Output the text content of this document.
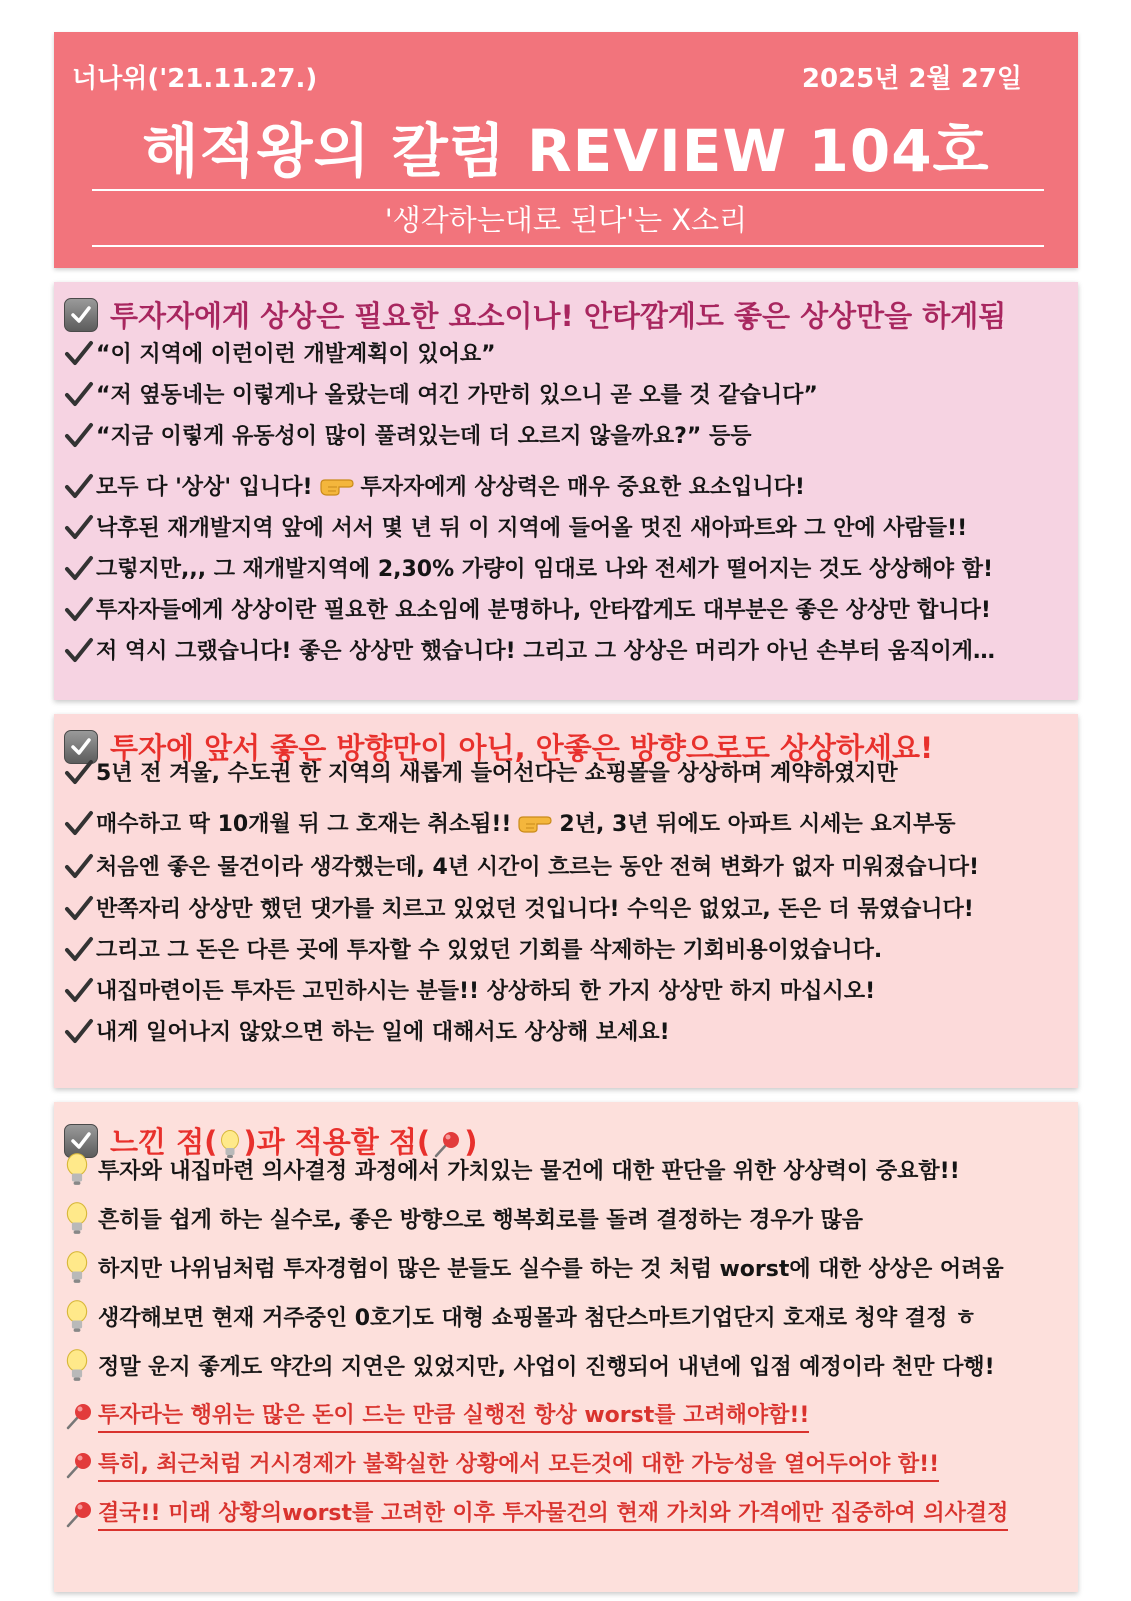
너나위('21.11.27.)	2025년 2월 27일
해적왕의 칼럼 REVIEW 104호
'생각하는대로 된다'는 X소리
투자자에게 상상은 필요한 요소이나! 안타깝게도 좋은 상상만을 하게됨
“이 지역에 이런이런 개발계획이 있어요”
“저 옆동네는 이렇게나 올랐는데 여긴 가만히 있으니 곧 오를 것 같습니다”
“지금 이렇게 유동성이 많이 풀려있는데 더 오르지 않을까요?” 등등
모두 다 '상상' 입니다! 투자자에게 상상력은 매우 중요한 요소입니다!
낙후된 재개발지역 앞에 서서 몇 년 뒤 이 지역에 들어올 멋진 새아파트와 그 안에 사람들!!
그렇지만,,, 그 재개발지역에 2,30% 가량이 임대로 나와 전세가 떨어지는 것도 상상해야 함!
투자자들에게 상상이란 필요한 요소임에 분명하나, 안타깝게도 대부분은 좋은 상상만 합니다!
저 역시 그랬습니다! 좋은 상상만 했습니다! 그리고 그 상상은 머리가 아닌 손부터 움직이게…
투자에 앞서 좋은 방향만이 아닌, 안좋은 방향으로도 상상하세요!
5년 전 겨울, 수도권 한 지역의 새롭게 들어선다는 쇼핑몰을 상상하며 계약하였지만
매수하고 딱 10개월 뒤 그 호재는 취소됨!! 2년, 3년 뒤에도 아파트 시세는 요지부동
처음엔 좋은 물건이라 생각했는데, 4년 시간이 흐르는 동안 전혀 변화가 없자 미워졌습니다!
반쪽자리 상상만 했던 댓가를 치르고 있었던 것입니다! 수익은 없었고, 돈은 더 묶였습니다!
그리고 그 돈은 다른 곳에 투자할 수 있었던 기회를 삭제하는 기회비용이었습니다.
내집마련이든 투자든 고민하시는 분들!! 상상하되 한 가지 상상만 하지 마십시오!
내게 일어나지 않았으면 하는 일에 대해서도 상상해 보세요!
느낀 점( )과 적용할 점( )
투자와 내집마련 의사결정 과정에서 가치있는 물건에 대한 판단을 위한 상상력이 중요함!!
흔히들 쉽게 하는 실수로, 좋은 방향으로 행복회로를 돌려 결정하는 경우가 많음
하지만 나위님처럼 투자경험이 많은 분들도 실수를 하는 것 처럼 worst에 대한 상상은 어려움
생각해보면 현재 거주중인 0호기도 대형 쇼핑몰과 첨단스마트기업단지 호재로 청약 결정 ㅎ
정말 운지 좋게도 약간의 지연은 있었지만, 사업이 진행되어 내년에 입점 예정이라 천만 다행!
투자라는 행위는 많은 돈이 드는 만큼 실행전 항상 worst를 고려해야함!!
특히, 최근처럼 거시경제가 불확실한 상황에서 모든것에 대한 가능성을 열어두어야 함!!
결국!! 미래 상황의worst를 고려한 이후 투자물건의 현재 가치와 가격에만 집중하여 의사결정
